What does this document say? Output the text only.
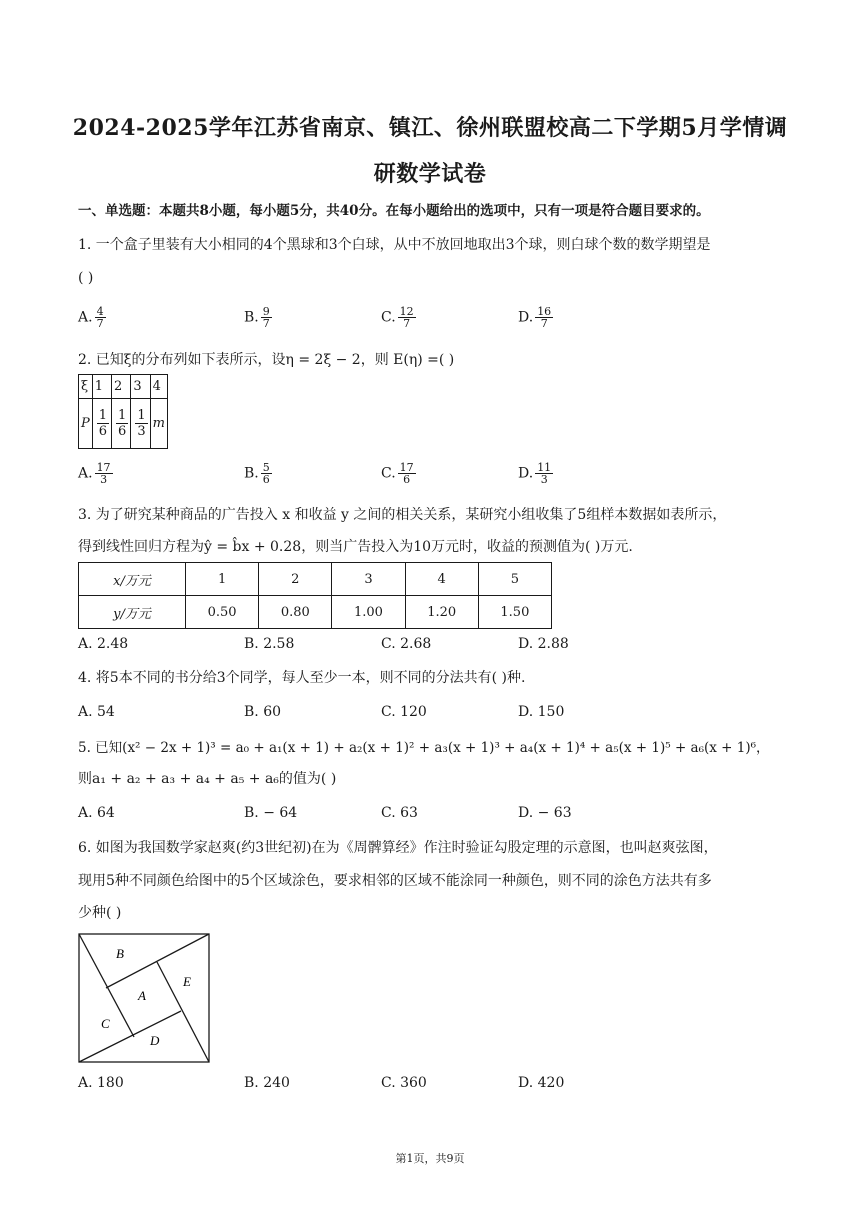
2024-2025学年江苏省南京、镇江、徐州联盟校高二下学期5月学情调
研数学试卷
一、单选题：本题共8小题，每小题5分，共40分。在每小题给出的选项中，只有一项是符合题目要求的。
1. 一个盒子里装有大小相同的4个黑球和3个白球，从中不放回地取出3个球，则白球个数的数学期望是
( )
A. $\frac{4}{7}$	B. $\frac{9}{7}$	C. $\frac{12}{7}$	D. $\frac{16}{7}$
2. 已知ξ的分布列如下表所示，设η = 2ξ − 2，则 E(η) =( )
ξ	1	2	3	4
P	$\frac{1}{6}$	$\frac{1}{6}$	$\frac{1}{3}$	m
A. $\frac{17}{3}$	B. $\frac{5}{6}$	C. $\frac{17}{6}$	D. $\frac{11}{3}$
3. 为了研究某种商品的广告投入 x 和收益 y 之间的相关关系，某研究小组收集了5组样本数据如表所示，
得到线性回归方程为ŷ = b̂x + 0.28，则当广告投入为10万元时，收益的预测值为( )万元.
x/万元	1	2	3	4	5
y/万元	0.50	0.80	1.00	1.20	1.50
A. 2.48	B. 2.58	C. 2.68	D. 2.88
4. 将5本不同的书分给3个同学，每人至少一本，则不同的分法共有( )种.
A. 54	B. 60	C. 120	D. 150
5. 已知(x² − 2x + 1)³ = a₀ + a₁(x + 1) + a₂(x + 1)² + a₃(x + 1)³ + a₄(x + 1)⁴ + a₅(x + 1)⁵ + a₆(x + 1)⁶，
则a₁ + a₂ + a₃ + a₄ + a₅ + a₆的值为( )
A. 64	B. − 64	C. 63	D. − 63
6. 如图为我国数学家赵爽(约3世纪初)在为《周髀算经》作注时验证勾股定理的示意图，也叫赵爽弦图，
现用5种不同颜色给图中的5个区域涂色，要求相邻的区域不能涂同一种颜色，则不同的涂色方法共有多
少种( )
B
A
E
C
D
A. 180	B. 240	C. 360	D. 420
第1页，共9页
